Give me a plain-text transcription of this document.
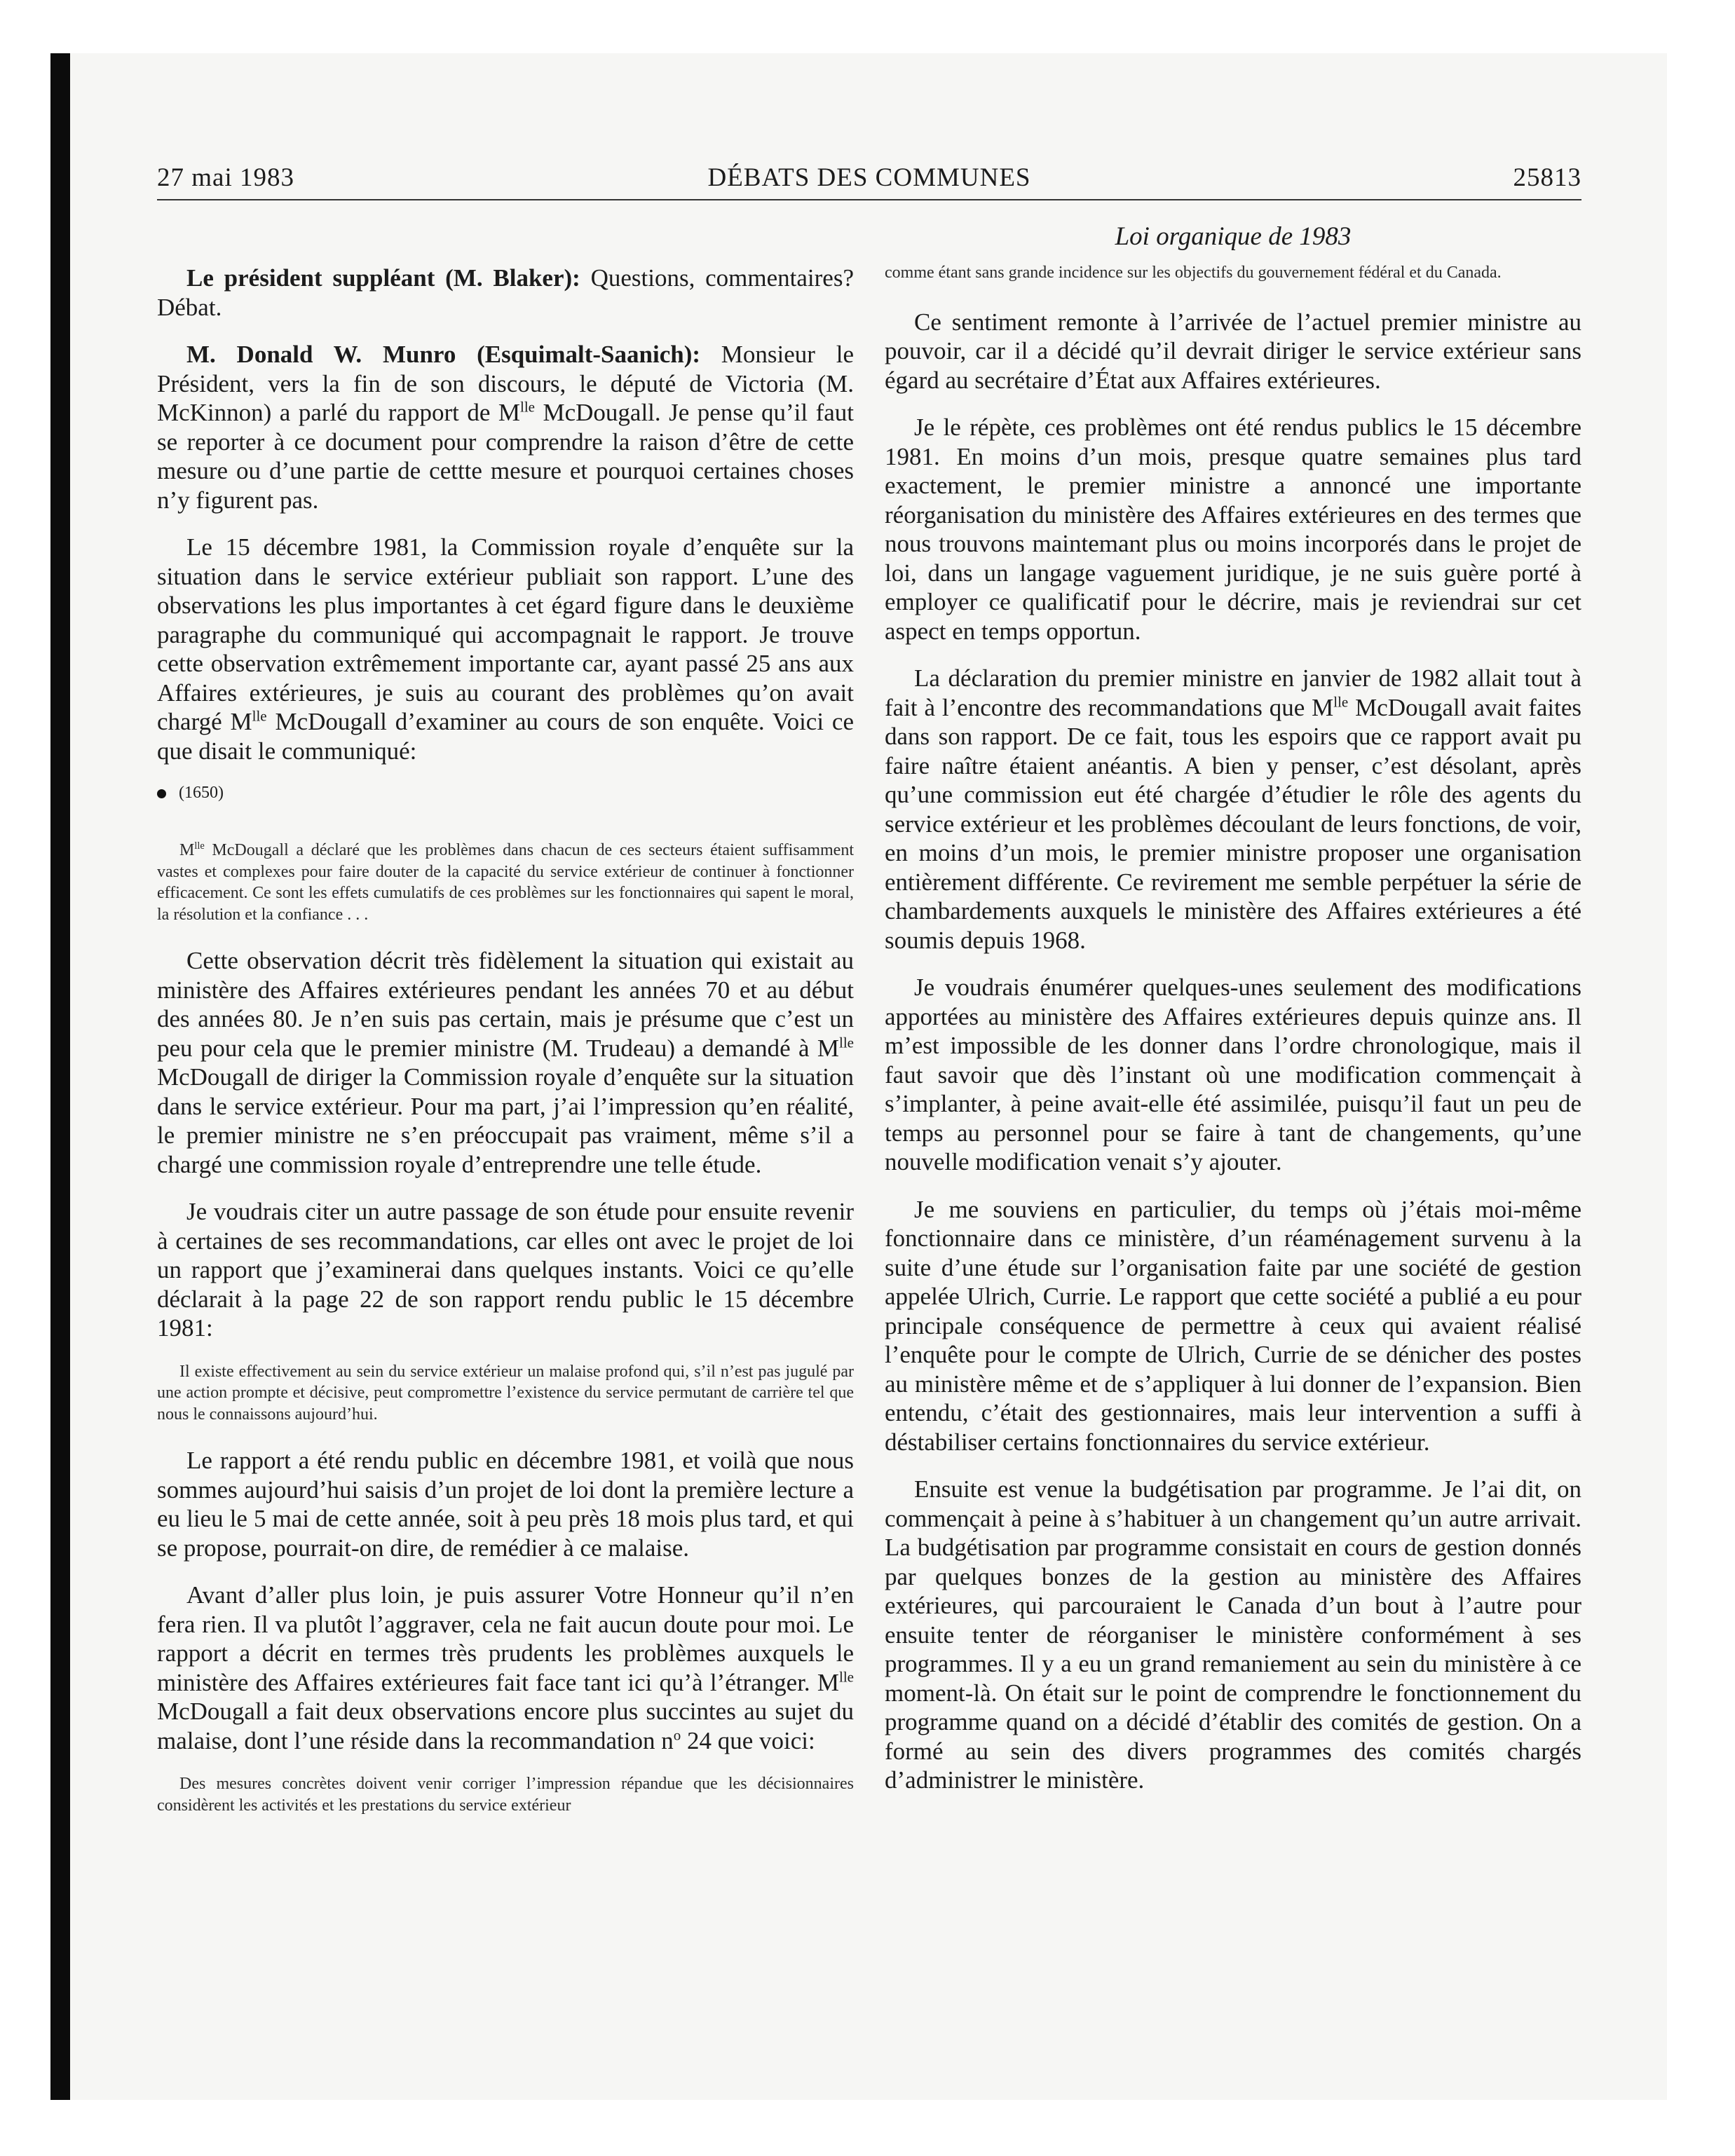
27 mai 1983	DÉBATS DES COMMUNES	25813
Loi organique de 1983

Le président suppléant (M. Blaker): Questions, commentaires? Débat.

M. Donald W. Munro (Esquimalt-Saanich): Monsieur le Président, vers la fin de son discours, le député de Victoria (M. McKinnon) a parlé du rapport de $M^{lle}$ McDougall. Je pense qu’il faut se reporter à ce document pour comprendre la raison d’être de cette mesure ou d’une partie de cettte mesure et pourquoi certaines choses n’y figurent pas.

Le 15 décembre 1981, la Commission royale d’enquête sur la situation dans le service extérieur publiait son rapport. L’une des observations les plus importantes à cet égard figure dans le deuxième paragraphe du communiqué qui accompagnait le rapport. Je trouve cette observation extrêmement importante car, ayant passé 25 ans aux Affaires extérieures, je suis au courant des problèmes qu’on avait chargé $M^{lle}$ McDougall d’examiner au cours de son enquête. Voici ce que disait le communiqué:

(1650)

$M^{lle}$ McDougall a déclaré que les problèmes dans chacun de ces secteurs étaient suffisamment vastes et complexes pour faire douter de la capacité du service extérieur de continuer à fonctionner efficacement. Ce sont les effets cumulatifs de ces problèmes sur les fonctionnaires qui sapent le moral, la résolution et la confiance . . .

Cette observation décrit très fidèlement la situation qui existait au ministère des Affaires extérieures pendant les années 70 et au début des années 80. Je n’en suis pas certain, mais je présume que c’est un peu pour cela que le premier ministre (M. Trudeau) a demandé à $M^{lle}$ McDougall de diriger la Commission royale d’enquête sur la situation dans le service extérieur. Pour ma part, j’ai l’impression qu’en réalité, le premier ministre ne s’en préoccupait pas vraiment, même s’il a chargé une commission royale d’entreprendre une telle étude.

Je voudrais citer un autre passage de son étude pour ensuite revenir à certaines de ses recommandations, car elles ont avec le projet de loi un rapport que j’examinerai dans quelques instants. Voici ce qu’elle déclarait à la page 22 de son rapport rendu public le 15 décembre 1981:

Il existe effectivement au sein du service extérieur un malaise profond qui, s’il n’est pas jugulé par une action prompte et décisive, peut compromettre l’existence du service permutant de carrière tel que nous le connaissons aujourd’hui.

Le rapport a été rendu public en décembre 1981, et voilà que nous sommes aujourd’hui saisis d’un projet de loi dont la première lecture a eu lieu le 5 mai de cette année, soit à peu près 18 mois plus tard, et qui se propose, pourrait-on dire, de remédier à ce malaise.

Avant d’aller plus loin, je puis assurer Votre Honneur qu’il n’en fera rien. Il va plutôt l’aggraver, cela ne fait aucun doute pour moi. Le rapport a décrit en termes très prudents les problèmes auxquels le ministère des Affaires extérieures fait face tant ici qu’à l’étranger. $M^{lle}$ McDougall a fait deux observations encore plus succintes au sujet du malaise, dont l’une réside dans la recommandation $n^o$ 24 que voici:

Des mesures concrètes doivent venir corriger l’impression répandue que les décisionnaires considèrent les activités et les prestations du service extérieur

comme étant sans grande incidence sur les objectifs du gouvernement fédéral et du Canada.

Ce sentiment remonte à l’arrivée de l’actuel premier ministre au pouvoir, car il a décidé qu’il devrait diriger le service extérieur sans égard au secrétaire d’État aux Affaires extérieures.

Je le répète, ces problèmes ont été rendus publics le 15 décembre 1981. En moins d’un mois, presque quatre semaines plus tard exactement, le premier ministre a annoncé une importante réorganisation du ministère des Affaires extérieures en des termes que nous trouvons maintemant plus ou moins incorporés dans le projet de loi, dans un langage vaguement juridique, je ne suis guère porté à employer ce qualificatif pour le décrire, mais je reviendrai sur cet aspect en temps opportun.

La déclaration du premier ministre en janvier de 1982 allait tout à fait à l’encontre des recommandations que $M^{lle}$ McDougall avait faites dans son rapport. De ce fait, tous les espoirs que ce rapport avait pu faire naître étaient anéantis. A bien y penser, c’est désolant, après qu’une commission eut été chargée d’étudier le rôle des agents du service extérieur et les problèmes découlant de leurs fonctions, de voir, en moins d’un mois, le premier ministre proposer une organisation entièrement différente. Ce revirement me semble perpétuer la série de chambardements auxquels le ministère des Affaires extérieures a été soumis depuis 1968.

Je voudrais énumérer quelques-unes seulement des modifications apportées au ministère des Affaires extérieures depuis quinze ans. Il m’est impossible de les donner dans l’ordre chronologique, mais il faut savoir que dès l’instant où une modification commençait à s’implanter, à peine avait-elle été assimilée, puisqu’il faut un peu de temps au personnel pour se faire à tant de changements, qu’une nouvelle modification venait s’y ajouter.

Je me souviens en particulier, du temps où j’étais moi-même fonctionnaire dans ce ministère, d’un réaménagement survenu à la suite d’une étude sur l’organisation faite par une société de gestion appelée Ulrich, Currie. Le rapport que cette société a publié a eu pour principale conséquence de permettre à ceux qui avaient réalisé l’enquête pour le compte de Ulrich, Currie de se dénicher des postes au ministère même et de s’appliquer à lui donner de l’expansion. Bien entendu, c’était des gestionnaires, mais leur intervention a suffi à déstabiliser certains fonctionnaires du service extérieur.

Ensuite est venue la budgétisation par programme. Je l’ai dit, on commençait à peine à s’habituer à un changement qu’un autre arrivait. La budgétisation par programme consistait en cours de gestion donnés par quelques bonzes de la gestion au ministère des Affaires extérieures, qui parcouraient le Canada d’un bout à l’autre pour ensuite tenter de réorganiser le ministère conformément à ses programmes. Il y a eu un grand remaniement au sein du ministère à ce moment-là. On était sur le point de comprendre le fonctionnement du programme quand on a décidé d’établir des comités de gestion. On a formé au sein des divers programmes des comités chargés d’administrer le ministère.
